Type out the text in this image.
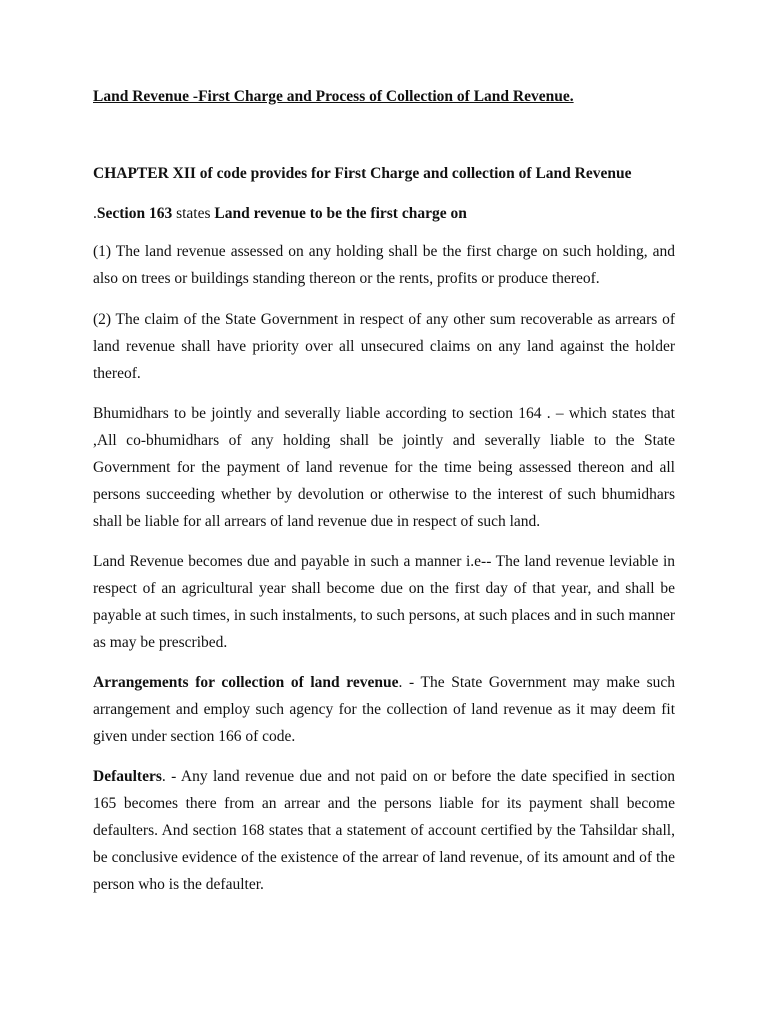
Land Revenue -First Charge and Process of Collection of Land Revenue.

CHAPTER XII of code provides for First Charge and collection of Land Revenue

.Section 163 states Land revenue to be the first charge on

(1) The land revenue assessed on any holding shall be the first charge on such holding, and also on trees or buildings standing thereon or the rents, profits or produce thereof.

(2) The claim of the State Government in respect of any other sum recoverable as arrears of land revenue shall have priority over all unsecured claims on any land against the holder thereof.

Bhumidhars to be jointly and severally liable according to section 164 . – which states that ,All co-bhumidhars of any holding shall be jointly and severally liable to the State Government for the payment of land revenue for the time being assessed thereon and all persons succeeding whether by devolution or otherwise to the interest of such bhumidhars shall be liable for all arrears of land revenue due in respect of such land.

Land Revenue becomes due and payable in such a manner i.e-- The land revenue leviable in respect of an agricultural year shall become due on the first day of that year, and shall be payable at such times, in such instalments, to such persons, at such places and in such manner as may be prescribed.

Arrangements for collection of land revenue. - The State Government may make such arrangement and employ such agency for the collection of land revenue as it may deem fit given under section 166 of code.

Defaulters. - Any land revenue due and not paid on or before the date specified in section 165 becomes there from an arrear and the persons liable for its payment shall become defaulters. And section 168 states that a statement of account certified by the Tahsildar shall, be conclusive evidence of the existence of the arrear of land revenue, of its amount and of the person who is the defaulter.
